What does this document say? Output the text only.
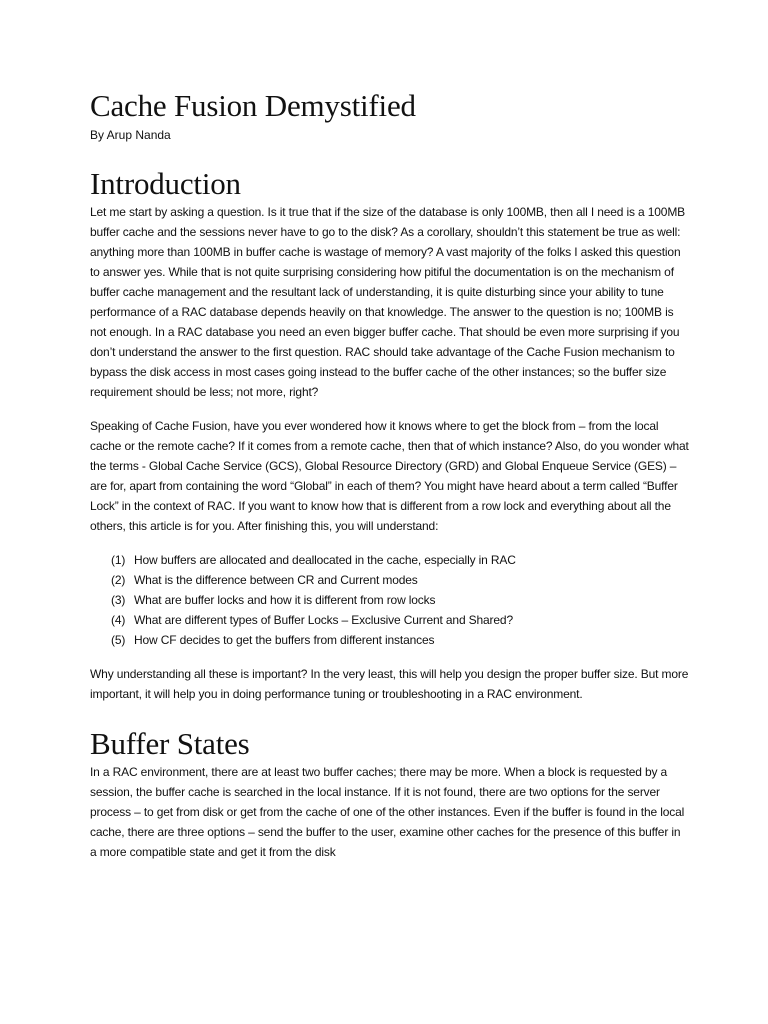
Cache Fusion Demystified
By Arup Nanda
Introduction

Let me start by asking a question. Is it true that if the size of the database is only 100MB, then all I need is a 100MB buffer cache and the sessions never have to go to the disk? As a corollary, shouldn’t this statement be true as well: anything more than 100MB in buffer cache is wastage of memory? A vast majority of the folks I asked this question to answer yes. While that is not quite surprising considering how pitiful the documentation is on the mechanism of buffer cache management and the resultant lack of understanding, it is quite disturbing since your ability to tune performance of a RAC database depends heavily on that knowledge. The answer to the question is no; 100MB is not enough. In a RAC database you need an even bigger buffer cache. That should be even more surprising if you don’t understand the answer to the first question. RAC should take advantage of the Cache Fusion mechanism to bypass the disk access in most cases going instead to the buffer cache of the other instances; so the buffer size requirement should be less; not more, right?

Speaking of Cache Fusion, have you ever wondered how it knows where to get the block from – from the local cache or the remote cache? If it comes from a remote cache, then that of which instance? Also, do you wonder what the terms - Global Cache Service (GCS), Global Resource Directory (GRD) and Global Enqueue Service (GES) – are for, apart from containing the word “Global” in each of them? You might have heard about a term called “Buffer Lock” in the context of RAC. If you want to know how that is different from a row lock and everything about all the others, this article is for you. After finishing this, you will understand:

(1) How buffers are allocated and deallocated in the cache, especially in RAC
(2) What is the difference between CR and Current modes
(3) What are buffer locks and how it is different from row locks
(4) What are different types of Buffer Locks – Exclusive Current and Shared?
(5) How CF decides to get the buffers from different instances

Why understanding all these is important? In the very least, this will help you design the proper buffer size. But more important, it will help you in doing performance tuning or troubleshooting in a RAC environment.

Buffer States

In a RAC environment, there are at least two buffer caches; there may be more. When a block is requested by a session, the buffer cache is searched in the local instance. If it is not found, there are two options for the server process – to get from disk or get from the cache of one of the other instances. Even if the buffer is found in the local cache, there are three options – send the buffer to the user, examine other caches for the presence of this buffer in a more compatible state and get it from the disk
